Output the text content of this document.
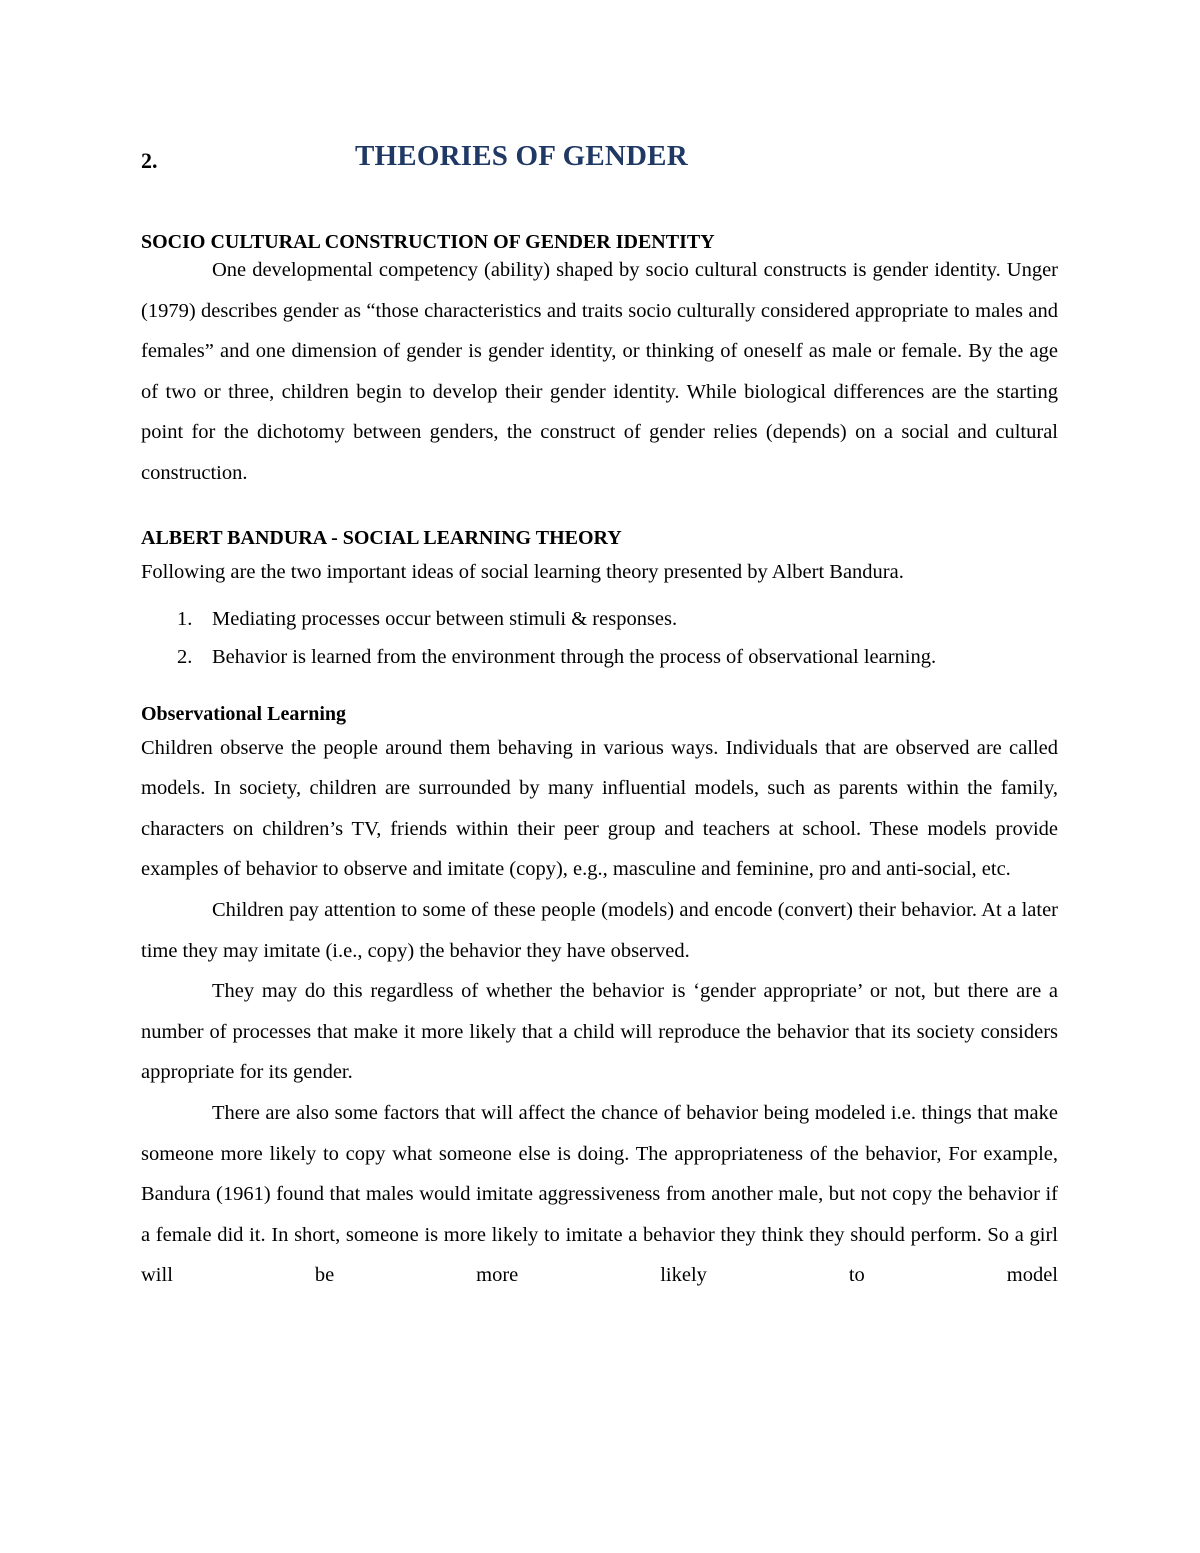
2.	THEORIES OF GENDER

SOCIO CULTURAL CONSTRUCTION OF GENDER IDENTITY

One developmental competency (ability) shaped by socio cultural constructs is gender identity. Unger (1979) describes gender as “those characteristics and traits socio culturally considered appropriate to males and females” and one dimension of gender is gender identity, or thinking of oneself as male or female. By the age of two or three, children begin to develop their gender identity. While biological differences are the starting point for the dichotomy between genders, the construct of gender relies (depends) on a social and cultural construction.

ALBERT BANDURA - SOCIAL LEARNING THEORY

Following are the two important ideas of social learning theory presented by Albert Bandura.

1. Mediating processes occur between stimuli & responses.
2. Behavior is learned from the environment through the process of observational learning.

Observational Learning

Children observe the people around them behaving in various ways. Individuals that are observed are called models. In society, children are surrounded by many influential models, such as parents within the family, characters on children’s TV, friends within their peer group and teachers at school. These models provide examples of behavior to observe and imitate (copy), e.g., masculine and feminine, pro and anti-social, etc.

Children pay attention to some of these people (models) and encode (convert) their behavior. At a later time they may imitate (i.e., copy) the behavior they have observed.

They may do this regardless of whether the behavior is ‘gender appropriate’ or not, but there are a number of processes that make it more likely that a child will reproduce the behavior that its society considers appropriate for its gender.

There are also some factors that will affect the chance of behavior being modeled i.e. things that make someone more likely to copy what someone else is doing. The appropriateness of the behavior, For example, Bandura (1961) found that males would imitate aggressiveness from another male, but not copy the behavior if a female did it. In short, someone is more likely to imitate a behavior they think they should perform. So a girl will be more likely to model
